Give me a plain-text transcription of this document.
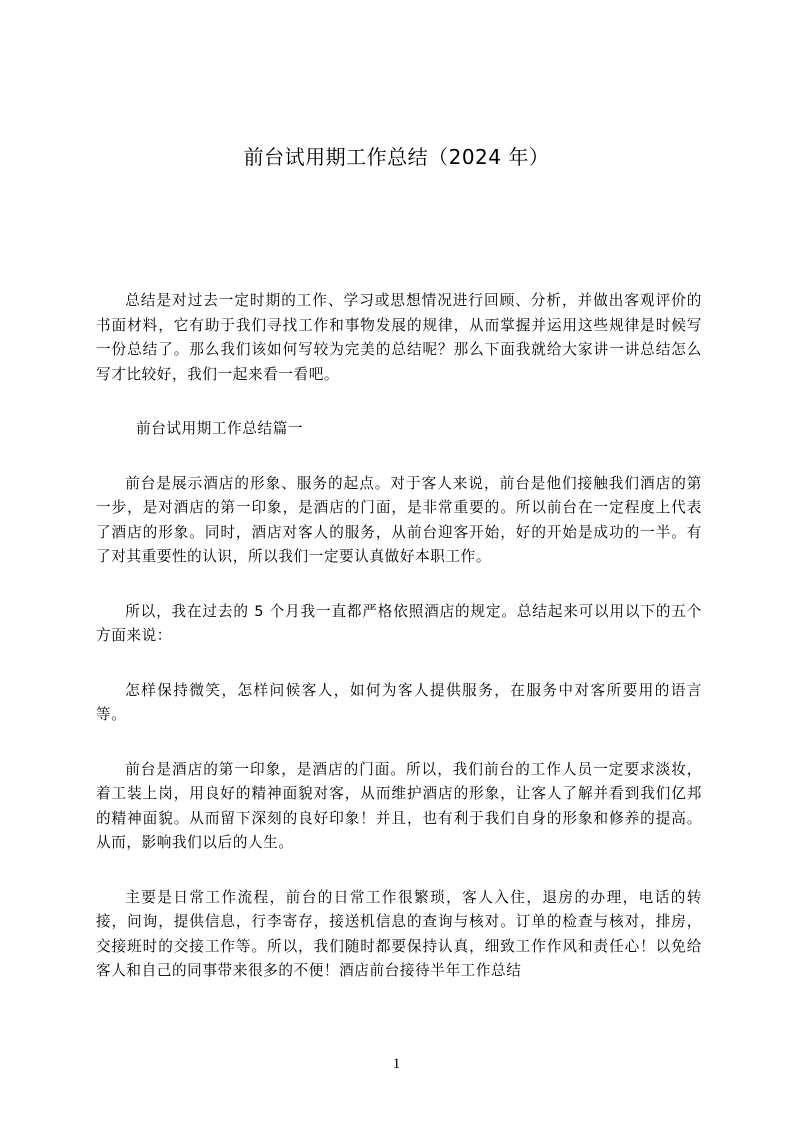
前台试用期工作总结（2024 年）

总结是对过去一定时期的工作、学习或思想情况进行回顾、分析，并做出客观评价的书面材料，它有助于我们寻找工作和事物发展的规律，从而掌握并运用这些规律是时候写一份总结了。那么我们该如何写较为完美的总结呢？那么下面我就给大家讲一讲总结怎么写才比较好，我们一起来看一看吧。

前台试用期工作总结篇一

前台是展示酒店的形象、服务的起点。对于客人来说，前台是他们接触我们酒店的第一步，是对酒店的第一印象，是酒店的门面，是非常重要的。所以前台在一定程度上代表了酒店的形象。同时，酒店对客人的服务，从前台迎客开始，好的开始是成功的一半。有了对其重要性的认识，所以我们一定要认真做好本职工作。

所以，我在过去的 5 个月我一直都严格依照酒店的规定。总结起来可以用以下的五个方面来说：

怎样保持微笑，怎样问候客人，如何为客人提供服务，在服务中对客所要用的语言等。

前台是酒店的第一印象，是酒店的门面。所以，我们前台的工作人员一定要求淡妆，着工装上岗，用良好的精神面貌对客，从而维护酒店的形象，让客人了解并看到我们亿邦的精神面貌。从而留下深刻的良好印象！并且，也有利于我们自身的形象和修养的提高。从而，影响我们以后的人生。

主要是日常工作流程，前台的日常工作很繁琐，客人入住，退房的办理，电话的转接，问询，提供信息，行李寄存，接送机信息的查询与核对。订单的检查与核对，排房，交接班时的交接工作等。所以，我们随时都要保持认真，细致工作作风和责任心！以免给客人和自己的同事带来很多的不便！酒店前台接待半年工作总结

1
